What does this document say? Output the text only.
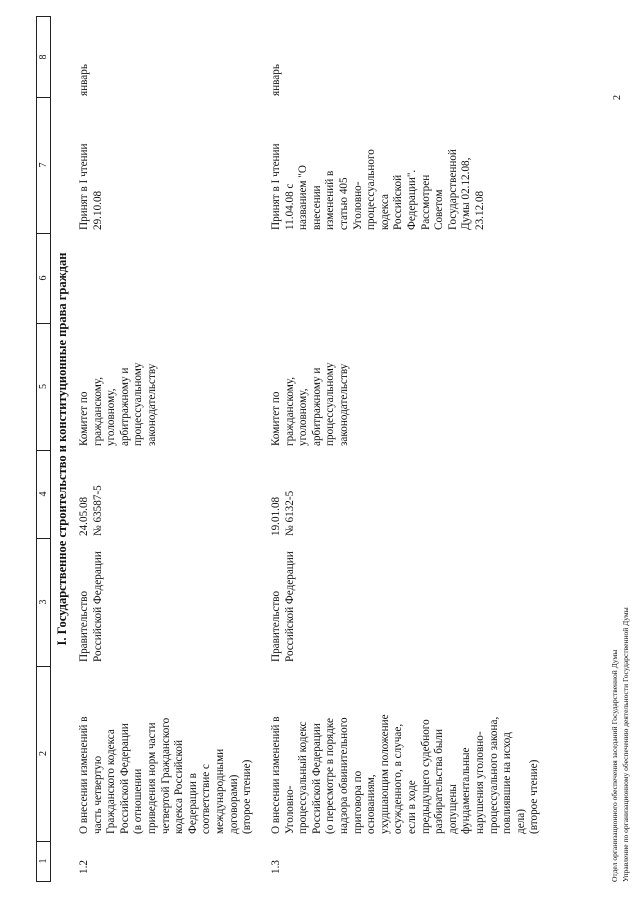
1
2
3
4
5
6
7
8
I. Государственное строительство и конституционные права граждан
1.2
О внесении изменений в
часть четвертую
Гражданского кодекса
Российской Федерации
(в отношении
приведения норм части
четвертой Гражданского
кодекса Российской
Федерации в
соответствие с
международными
договорами)
(второе чтение)
Правительство
Российской Федерации
24.05.08
№ 63587-5
Комитет по
гражданскому,
уголовному,
арбитражному и
процессуальному
законодательству
Принят в I чтении
29.10.08
январь
1.3
О внесении изменений в
Уголовно-
процессуальный кодекс
Российской Федерации
(о пересмотре в порядке
надзора обвинительного
приговора по
основаниям,
ухудшающим положение
осужденного, в случае,
если в ходе
предыдущего судебного
разбирательства были
допущены
фундаментальные
нарушения уголовно-
процессуального закона,
повлиявшие на исход
дела)
(второе чтение)
Правительство
Российской Федерации
19.01.08
№ 6132-5
Комитет по
гражданскому,
уголовному,
арбитражному и
процессуальному
законодательству
Принят в I чтении
11.04.08 с
названием "О
внесении
изменений в
статью 405
Уголовно-
процессуального
кодекса
Российской
Федерации".
Рассмотрен
Советом
Государственной
Думы 02.12.08,
23.12.08
январь
Отдел организационного обеспечения заседаний Государственной Думы Управление по организационному обеспечению деятельности Государственной Думы
2
